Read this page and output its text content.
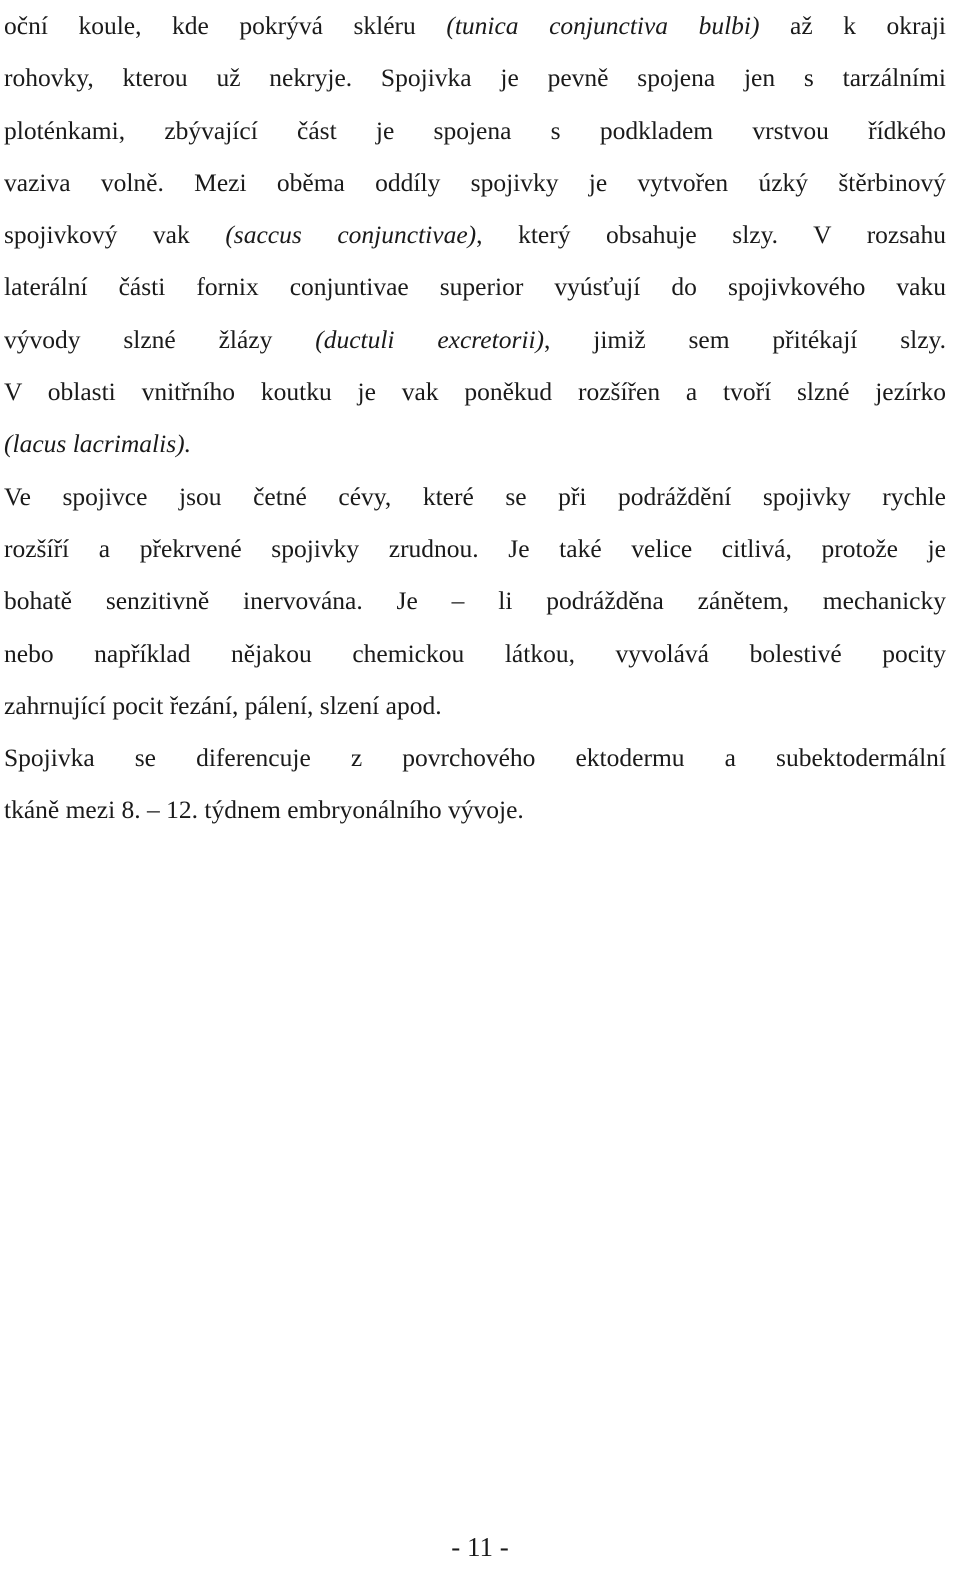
oční koule, kde pokrývá skléru (tunica conjunctiva bulbi) až k okraji
rohovky, kterou už nekryje. Spojivka je pevně spojena jen s tarzálními
ploténkami, zbývající část je spojena s podkladem vrstvou řídkého
vaziva volně. Mezi oběma oddíly spojivky je vytvořen úzký štěrbinový
spojivkový vak (saccus conjunctivae), který obsahuje slzy. V rozsahu
laterální části fornix conjuntivae superior vyúsťují do spojivkového vaku
vývody slzné žlázy (ductuli excretorii), jimiž sem přitékají slzy.
V oblasti vnitřního koutku je vak poněkud rozšířen a tvoří slzné jezírko
(lacus lacrimalis).
Ve spojivce jsou četné cévy, které se při podráždění spojivky rychle
rozšíří a překrvené spojivky zrudnou. Je také velice citlivá, protože je
bohatě senzitivně inervována. Je – li podrážděna zánětem, mechanicky
nebo například nějakou chemickou látkou, vyvolává bolestivé pocity
zahrnující pocit řezání, pálení, slzení apod.
Spojivka se diferencuje z povrchového ektodermu a subektodermální
tkáně mezi 8. – 12. týdnem embryonálního vývoje.
- 11 -
